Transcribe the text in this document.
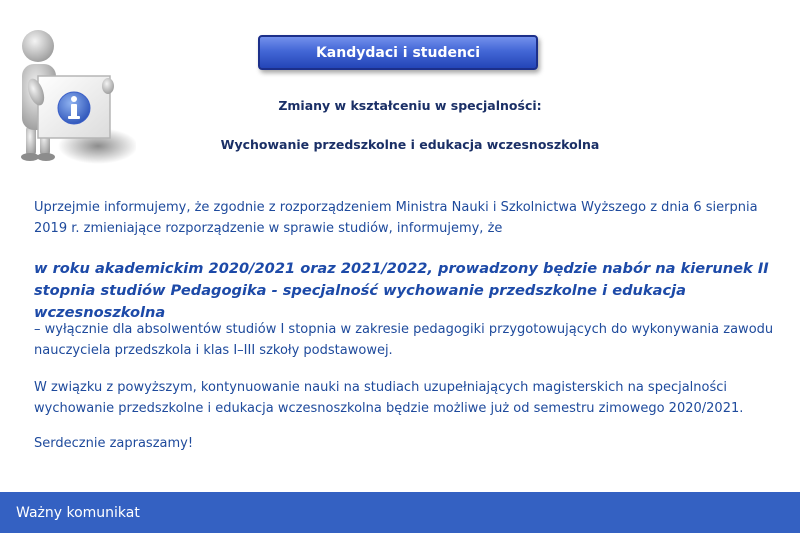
Kandydaci i studenci

Zmiany w kształceniu w specjalności:

Wychowanie przedszkolne i edukacja wczesnoszkolna

Uprzejmie informujemy, że zgodnie z rozporządzeniem Ministra Nauki i Szkolnictwa Wyższego z dnia 6 sierpnia 2019 r. zmieniające rozporządzenie w sprawie studiów, informujemy, że

w roku akademickim 2020/2021 oraz 2021/2022, prowadzony będzie nabór na kierunek II stopnia studiów Pedagogika - specjalność wychowanie przedszkolne i edukacja wczesnoszkolna

– wyłącznie dla absolwentów studiów I stopnia w zakresie pedagogiki przygotowujących do wykonywania zawodu nauczyciela przedszkola i klas I–III szkoły podstawowej.

W związku z powyższym, kontynuowanie nauki na studiach uzupełniających magisterskich na specjalności wychowanie przedszkolne i edukacja wczesnoszkolna będzie możliwe już od semestru zimowego 2020/2021.

Serdecznie zapraszamy!

Ważny komunikat
